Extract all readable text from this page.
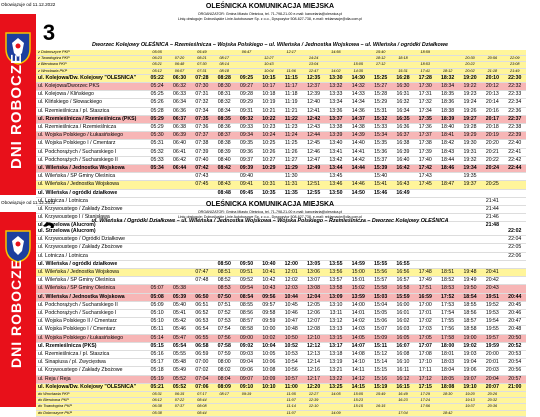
Obowiązuje od 11.12.2022
DNI ROBOCZE
3
OLEŚNICKA KOMUNIKACJA MIEJSKA
ORGANIZATOR: Gmina Miasto Oleśnica, tel. 71-798-21-00 e-mail: kancelaria@olesnica.pl
Linię obsługuje: Dolnośląskie Linie Autobusowe Sp. z o.o., Dyspozytor 508-627-738, e-mail: reklamacje@dla.com.pl
Dworzec Kolejowy OLEŚNICA – Rzemieślnicza – Wojska Polskiego – ul. Wileńska / Jednostka Wojskowa – ul. Wileńska / ogródki Działkowe
z Dobroszyce PKP	05:05		05:49		06:47		12:17		14:56		15:40		18:59				
z Twardogóra PKP	06:23	07:20	08:21	08:17		12:27		14:24			18:12	18:18			20:30	20:56	22:09
z Bierutowa PKP	05:21	06:48	07:30	08:14		10:43		13:04		15:05	17:12		18:53		20:22		23:08
z Wrocławia PKP	05:12	06:07	07:31	08:18		10:04	11:06	12:47	14:02	14:35		15:31	17:41	18:12	20:02	21:18	21:49
ul. Kolejowa/Dw. Kolejowy "OLEŚNICA"	05:22	06:30	07:28	08:28	09:25	10:15	11:15	12:35	13:30	14:30	15:25	16:28	17:28	18:32	19:20	20:10	22:30
ul. Kolejowa/Dworzec PKS	05:24	06:32	07:30	08:30	09:27	10:17	11:17	12:37	13:32	14:32	15:27	16:30	17:30	18:34	19:22	20:12	22:32
ul. Kolejowa / Klińskiego	05:25	06:33	07:31	08:31	09:28	10:18	11:18	12:39	13:33	14:33	15:28	16:31	17:31	18:35	19:23	20:13	22:33
ul. Klińskiego / Słowackiego	05:26	06:34	07:32	08:32	09:29	10:19	11:19	12:40	13:34	14:34	15:29	16:32	17:32	18:36	19:24	20:14	22:34
ul. Rzemieślnicza / pl. Staszica	05:28	06:36	07:34	08:34	09:31	10:21	11:21	12:41	13:36	14:36	15:31	16:34	17:34	18:38	19:26	20:16	22:36
ul. Rzemieślnicza / Rzemieślnicza (PKS)	05:29	06:37	07:35	08:35	09:32	10:22	11:22	12:42	13:37	14:37	15:32	16:35	17:35	18:39	19:27	20:17	22:37
ul. Rzemieślnicza / Rzemieślnicza	05:29	06:38	07:36	08:36	09:33	10:23	11:23	12:43	13:38	14:38	15:33	16:36	17:36	18:40	19:28	20:18	22:38
ul. Wojska Polskiego / Łukasińskiego	05:30	06:39	07:37	08:37	09:34	10:24	11:24	12:44	13:39	14:39	15:34	16:37	17:37	18:41	19:29	20:19	22:39
ul. Wojska Polskiego I / Cmentarz	05:31	06:40	07:38	08:38	09:35	10:25	11:25	12:45	13:40	14:40	15:35	16:38	17:38	18:42	19:30	20:20	22:40
ul. Podchorążych / Sucharskiego I	05:32	06:41	07:39	08:39	09:36	10:26	11:26	12:46	13:41	14:41	15:36	16:39	17:39	18:43	19:31	20:21	22:41
ul. Podchorążych / Sucharskiego II	05:33	06:42	07:40	08:40	09:37	10:27	11:27	12:47	13:42	14:42	15:37	16:40	17:40	18:44	19:32	20:22	22:42
ul. Wileńska / Jednostka Wojskowa	05:34	06:44	07:42	08:42	09:39	10:29	11:29	12:49	13:44	14:44	15:39	16:42	17:42	18:46	19:34	20:24	22:44
ul. Wileńska / SP Gminy Oleśnica			07:43		09:40		11:30		13:45		15:40		17:43		19:35		
ul. Wileńska / Jednostka Wojskowa			07:45	08:43	09:41	10:31	11:31	12:51	13:46	14:46	15:41	16:43	17:45	18:47	19:37	20:25	
ul. Wileńska / ogródki działkowe				08:48	09:45	10:35	11:35	12:55	13:50	14:50	15:46	16:49					
ul. Lotnicza / Lotnicza																21:41	
ul. Krzywoustego / Zakłady Zbożowe																21:44	
ul. Krzywoustego I / Stanisława																21:46	
ul. Strzelowa (Alucrom)																21:48	
Obowiązuje od 11.12.2022
DNI ROBOCZE
OLEŚNICKA KOMUNIKACJA MIEJSKA
ORGANIZATOR: Gmina Miasto Oleśnica, tel. 71-798-21-00 e-mail: kancelaria@olesnica.pl
Linię obsługuje: Dolnośląskie Linie Autobusowe Sp. z o.o., Dyspozytor 508-627-738, e-mail: reklamacje@dla.com.pl
ul. Wileńska / Ogródki Działkowe – ul. Wileńska / Jednostka Wojskowa – Wojska Polskiego – Rzemieślnicza – Dworzec Kolejowy OLEŚNICA
ul. Strzelowa (Alucrom)																	22:02
ul. Krzywoustego / Ogródki Działkowe																	22:04
ul. Krzywoustego / Zakłady Zbożowe																	22:05
ul. Lotnicza / Lotnicza																	22:06
ul. Wileńska / ogródki działkowe				08:50	09:50	10:40	12:00	13:05	13:55	14:59	15:55	16:55					
ul. Wileńska / Jednostka Wojskowa			07:47	08:51	09:51	10:41	12:01	13:06	13:56	15:00	15:56	16:56	17:48	18:51	19:48	20:41	
ul. Wileńska / SP Gminy Oleśnica			07:48	08:52	09:52	10:42	12:02	13:07	13:57	15:01	15:57	16:57	17:49	18:52	19:49	20:42	
ul. Wileńska / SP Gminy Oleśnica	05:07	05:38		08:53	09:54	10:43	12:03	13:08	13:58	15:02	15:58	16:58	17:51	18:53	19:50	20:43	
ul. Wileńska / Jednostka Wojskowa	05:08	05:39	06:50	07:50	08:54	09:56	10:44	12:04	13:09	13:59	15:03	15:59	16:59	17:52	18:54	19:51	20:44
ul. Podchorążych / Sucharskiego II	05:09	05:40	06:51	07:51	08:55	09:57	10:45	12:05	13:10	14:00	15:04	16:00	17:00	17:53	18:55	19:52	20:45
ul. Podchorążych / Sucharskiego I	05:10	05:41	06:52	07:52	08:56	09:58	10:46	12:06	13:11	14:01	15:05	16:01	17:01	17:54	18:56	19:53	20:46
ul. Wojska Polskiego II / Cmentarz	05:10	05:42	06:53	07:53	08:57	09:59	10:47	12:07	13:12	14:02	15:06	16:02	17:02	17:55	18:57	19:54	20:47
ul. Wojska Polskiego I / Cmentarz	05:11	05:46	06:54	07:54	08:58	10:00	10:48	12:08	13:13	14:03	15:07	16:03	17:03	17:56	18:58	19:55	20:48
ul. Wojska Polskiego / Łukasińskiego	05:14	05:47	06:55	07:56	09:00	10:02	10:50	12:10	13:15	14:05	15:09	16:05	17:05	17:58	19:00	19:57	20:50
ul. Rzemieślnicza (PKS)	05:15	05:54	06:58	07:58	09:02	10:04	10:52	12:12	13:17	14:07	15:11	16:07	17:07	18:00	19:02	19:59	20:52
ul. Rzemieślnicza / pl. Staszica	05:16	05:55	06:59	07:59	09:03	10:05	10:53	12:13	13:18	14:08	15:12	16:08	17:08	18:01	19:03	20:00	20:53
ul. Sinapiusa / pl. Zwycięstwa	05:17	05:48	07:00	08:00	09:04	10:06	10:54	12:14	13:19	14:10	15:14	16:10	17:10	18:03	19:04	20:01	20:54
ul. Krzywoustego / Zakłady Zbożowe	05:18	05:49	07:02	08:02	09:06	10:08	10:56	12:16	13:21	14:11	15:15	16:11	17:11	18:04	19:06	20:03	20:56
ul. Reja / Reja	05:19	05:52	07:04	08:04	09:07	10:09	10:57	12:17	13:22	14:12	15:16	16:12	17:12	18:05	19:07	20:04	20:57
ul. Kolejowa/Dw. Kolejowy "OLEŚNICA"	05:21	05:52	07:06	08:09	09:10	10:10	11:00	12:20	13:25	14:15	15:19	16:15	17:15	18:08	19:10	20:07	21:00
do Wrocławia PKP	05:31	06:15	07:17	08:17	09:19		11:05	12:27	14:05	15:05	15:49	16:49	17:29	18:30	19:20	20:26	
do Bierutowa PKP	06:12	07:22	08:44				11:07	12:39		15:23		16:23	17:24		19:13	20:32	
do Twardogóra PKP	06:38	07:37	08:08				11:14	12:10		15:15	16:15		17:56		19:37	20:36	
do Dobroszyce PKP	05:38		08:44				11:07		14:09			17:04		18:42			
